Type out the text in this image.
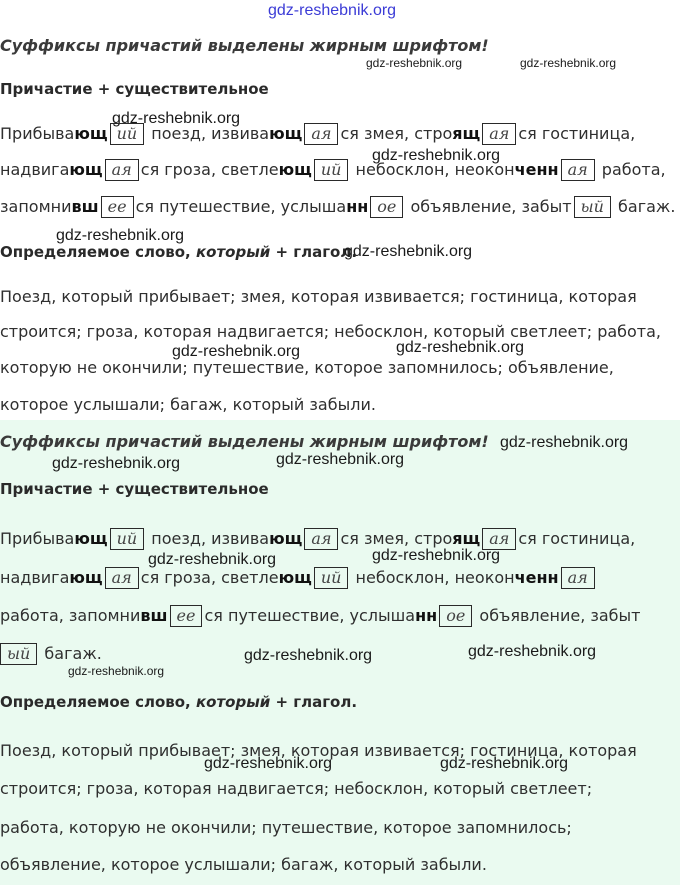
gdz-reshebnik.org
Суффиксы причастий выделены жирным шрифтом!
gdz-reshebnik.org	gdz-reshebnik.org
Причастие + существительное
gdz-reshebnik.org
Прибывающ ий поезд, извивающ ая ся змея, строящ ая ся гостиница,
gdz-reshebnik.org
надвигающ ая ся гроза, светлеющ ий небосклон, неоконченн ая работа,
запомнивш ее ся путешествие, услышанн ое объявление, забыт ый багаж.
gdz-reshebnik.org
Определяемое слово, который + глагол.
gdz-reshebnik.org
Поезд, который прибывает; змея, которая извивается; гостиница, которая
строится; гроза, которая надвигается; небосклон, который светлеет; работа,
gdz-reshebnik.org
gdz-reshebnik.org
которую не окончили; путешествие, которое запомнилось; объявление,
которое услышали; багаж, который забыли.
Суффиксы причастий выделены жирным шрифтом! gdz-reshebnik.org
gdz-reshebnik.org
gdz-reshebnik.org
Причастие + существительное
Прибывающ ий поезд, извивающ ая ся змея, строящ ая ся гостиница,
gdz-reshebnik.org	gdz-reshebnik.org
надвигающ ая ся гроза, светлеющ ий небосклон, неоконченн ая
работа, запомнивш ее ся путешествие, услышанн ое объявление, забыт
ый багаж.	gdz-reshebnik.org
gdz-reshebnik.org
gdz-reshebnik.org
Определяемое слово, который + глагол.
Поезд, который прибывает; змея, которая извивается; гостиница, которая
gdz-reshebnik.org	gdz-reshebnik.org
строится; гроза, которая надвигается; небосклон, который светлеет;
работа, которую не окончили; путешествие, которое запомнилось;
объявление, которое услышали; багаж, который забыли.
